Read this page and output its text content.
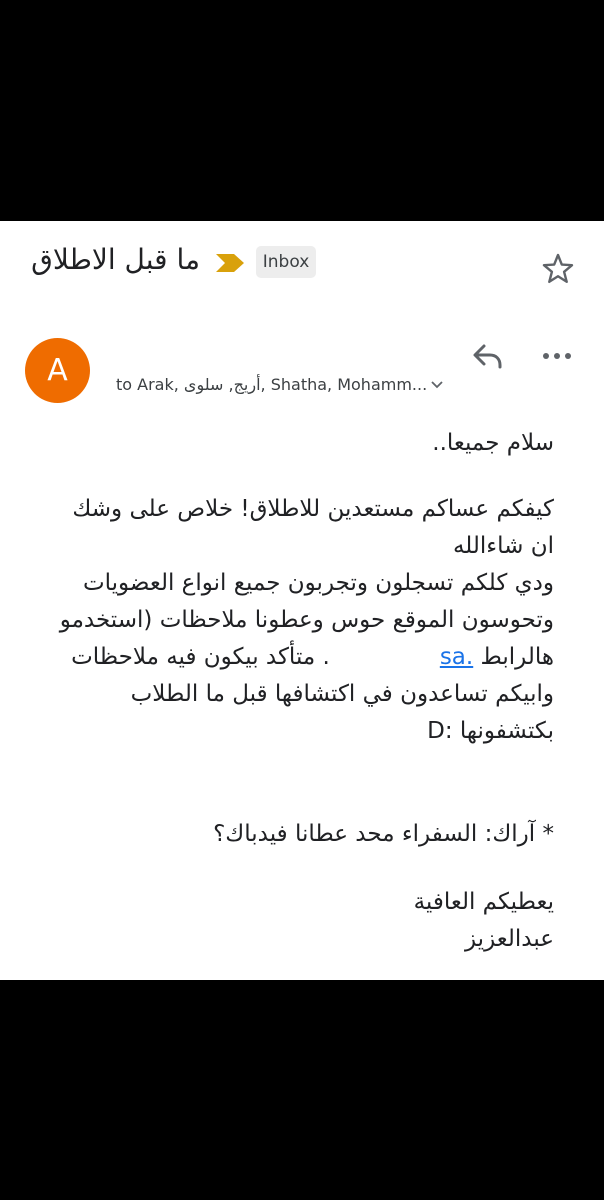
ما قبل الاطلاق	Inbox
A	to Arak, أريج, سلوى, Shatha, Mohamm...

سلام جميعا..

كيفكم عساكم مستعدين للاطلاق! خلاص على وشك

ان شاءالله

ودي كلكم تسجلون وتجربون جميع انواع العضويات

وتحوسون الموقع حوس وعطونا ملاحظات (استخدمو

هالرابط sa.. متأكد بيكون فيه ملاحظات

وابيكم تساعدون في اكتشافها قبل ما الطلاب

بكتشفونها :D

* آراك: السفراء محد عطانا فيدباك؟

يعطيكم العافية

عبدالعزيز
